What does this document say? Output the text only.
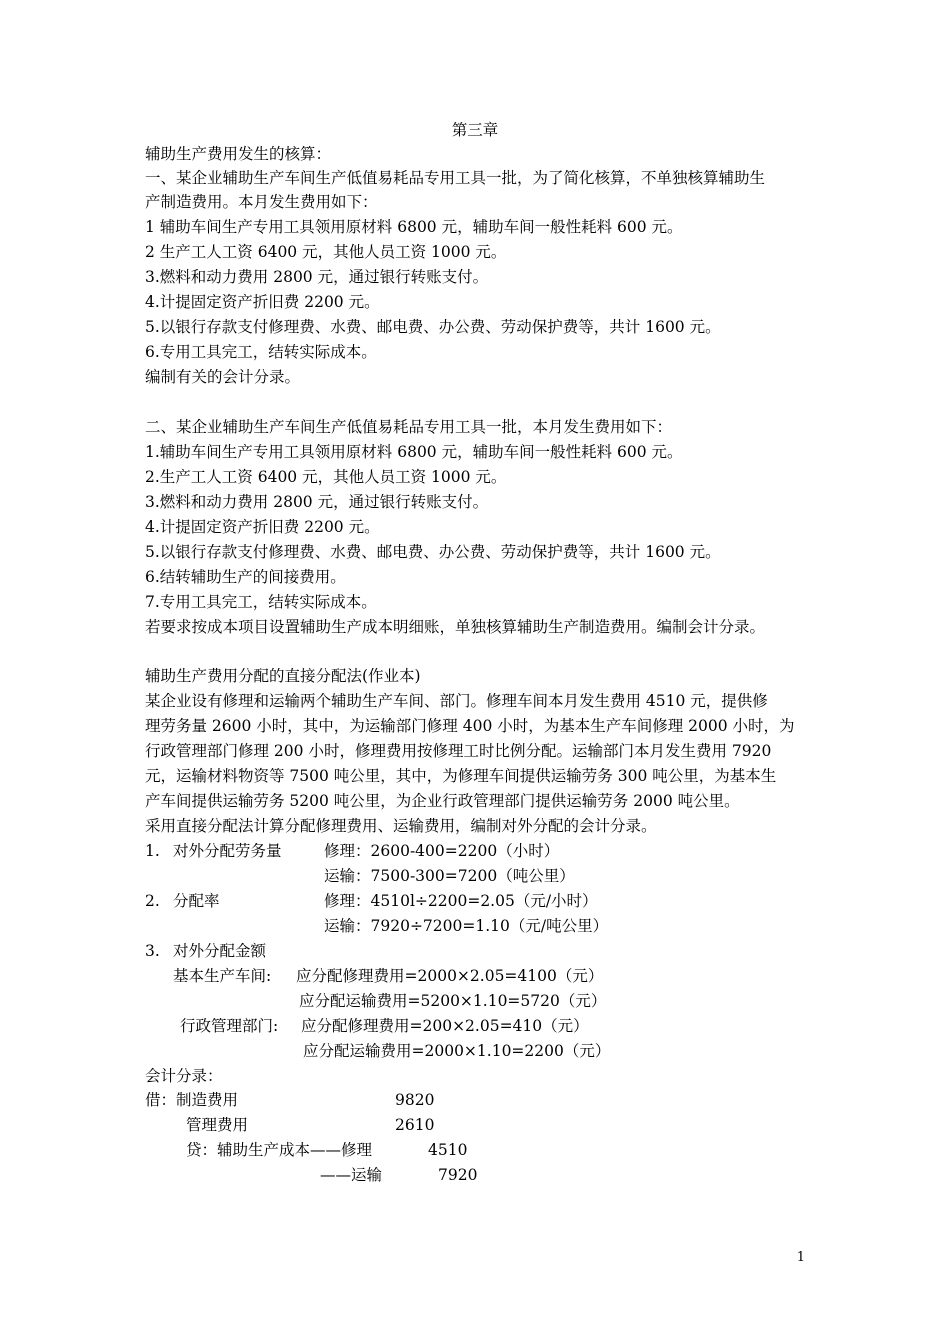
第三章
辅助生产费用发生的核算：
一、某企业辅助生产车间生产低值易耗品专用工具一批，为了简化核算，不单独核算辅助生
产制造费用。本月发生费用如下：
1 辅助车间生产专用工具领用原材料 6800 元，辅助车间一般性耗料 600 元。
2 生产工人工资 6400 元，其他人员工资 1000 元。
3.燃料和动力费用 2800 元，通过银行转账支付。
4.计提固定资产折旧费 2200 元。
5.以银行存款支付修理费、水费、邮电费、办公费、劳动保护费等，共计 1600 元。
6.专用工具完工，结转实际成本。
编制有关的会计分录。
二、某企业辅助生产车间生产低值易耗品专用工具一批，本月发生费用如下：
1.辅助车间生产专用工具领用原材料 6800 元，辅助车间一般性耗料 600 元。
2.生产工人工资 6400 元，其他人员工资 1000 元。
3.燃料和动力费用 2800 元，通过银行转账支付。
4.计提固定资产折旧费 2200 元。
5.以银行存款支付修理费、水费、邮电费、办公费、劳动保护费等，共计 1600 元。
6.结转辅助生产的间接费用。
7.专用工具完工，结转实际成本。
若要求按成本项目设置辅助生产成本明细账，单独核算辅助生产制造费用。编制会计分录。
辅助生产费用分配的直接分配法(作业本)
某企业设有修理和运输两个辅助生产车间、部门。修理车间本月发生费用 4510 元，提供修
理劳务量 2600 小时，其中，为运输部门修理 400 小时，为基本生产车间修理 2000 小时，为
行政管理部门修理 200 小时，修理费用按修理工时比例分配。运输部门本月发生费用 7920
元，运输材料物资等 7500 吨公里，其中，为修理车间提供运输劳务 300 吨公里，为基本生
产车间提供运输劳务 5200 吨公里，为企业行政管理部门提供运输劳务 2000 吨公里。
采用直接分配法计算分配修理费用、运输费用，编制对外分配的会计分录。
1. 对外分配劳务量	修理：2600-400=2200（小时）
运输：7500-300=7200（吨公里）
2. 分配率	修理：4510l÷2200=2.05（元/小时）
运输：7920÷7200=1.10（元/吨公里）
3. 对外分配金额
基本生产车间: 应分配修理费用=2000×2.05=4100（元）
应分配运输费用=5200×1.10=5720（元）
行政管理部门: 应分配修理费用=200×2.05=410（元）
应分配运输费用=2000×1.10=2200（元）
会计分录：
借：制造费用	9820
管理费用	2610
贷：辅助生产成本——修理	4510
——运输	7920
1
